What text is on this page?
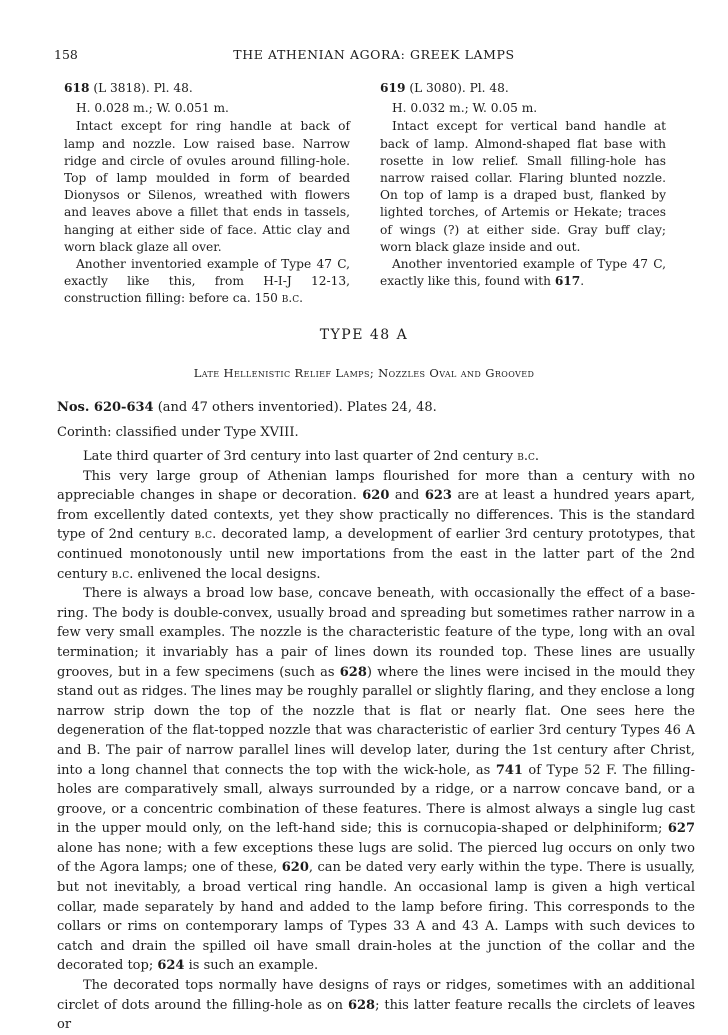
158	THE ATHENIAN AGORA: GREEK LAMPS

618 (L 3818). Pl. 48.

H. 0.028 m.; W. 0.051 m.

Intact except for ring handle at back of lamp and nozzle. Low raised base. Narrow ridge and circle of ovules around filling-hole. Top of lamp moulded in form of bearded Dionysos or Silenos, wreathed with flowers and leaves above a fillet that ends in tassels, hanging at either side of face. Attic clay and worn black glaze all over.

Another inventoried example of Type 47 C, exactly like this, from H-I-J 12-13, construction filling: before ca. 150 b.c.

619 (L 3080). Pl. 48.

H. 0.032 m.; W. 0.05 m.

Intact except for vertical band handle at back of lamp. Almond-shaped flat base with rosette in low relief. Small filling-hole has narrow raised collar. Flaring blunted nozzle. On top of lamp is a draped bust, flanked by lighted torches, of Artemis or Hekate; traces of wings (?) at either side. Gray buff clay; worn black glaze inside and out.

Another inventoried example of Type 47 C, exactly like this, found with 617.

TYPE 48 A
Late Hellenistic Relief Lamps; Nozzles Oval and Grooved
Nos. 620-634 (and 47 others inventoried). Plates 24, 48.
Corinth: classified under Type XVIII.

Late third quarter of 3rd century into last quarter of 2nd century b.c.

This very large group of Athenian lamps flourished for more than a century with no appreciable changes in shape or decoration. 620 and 623 are at least a hundred years apart, from excellently dated contexts, yet they show practically no differences. This is the standard type of 2nd century b.c. decorated lamp, a development of earlier 3rd century prototypes, that continued monotonously until new importations from the east in the latter part of the 2nd century b.c. enlivened the local designs.

There is always a broad low base, concave beneath, with occasionally the effect of a base-ring. The body is double-convex, usually broad and spreading but sometimes rather narrow in a few very small examples. The nozzle is the characteristic feature of the type, long with an oval termination; it invariably has a pair of lines down its rounded top. These lines are usually grooves, but in a few specimens (such as 628) where the lines were incised in the mould they stand out as ridges. The lines may be roughly parallel or slightly flaring, and they enclose a long narrow strip down the top of the nozzle that is flat or nearly flat. One sees here the degeneration of the flat-topped nozzle that was characteristic of earlier 3rd century Types 46 A and B. The pair of narrow parallel lines will develop later, during the 1st century after Christ, into a long channel that connects the top with the wick-hole, as 741 of Type 52 F. The filling-holes are comparatively small, always surrounded by a ridge, or a narrow concave band, or a groove, or a concentric combination of these features. There is almost always a single lug cast in the upper mould only, on the left-hand side; this is cornucopia-shaped or delphiniform; 627 alone has none; with a few exceptions these lugs are solid. The pierced lug occurs on only two of the Agora lamps; one of these, 620, can be dated very early within the type. There is usually, but not inevitably, a broad vertical ring handle. An occasional lamp is given a high vertical collar, made separately by hand and added to the lamp before firing. This corresponds to the collars or rims on contemporary lamps of Types 33 A and 43 A. Lamps with such devices to catch and drain the spilled oil have small drain-holes at the junction of the collar and the decorated top; 624 is such an example.

The decorated tops normally have designs of rays or ridges, sometimes with an additional circlet of dots around the filling-hole as on 628; this latter feature recalls the circlets of leaves or
